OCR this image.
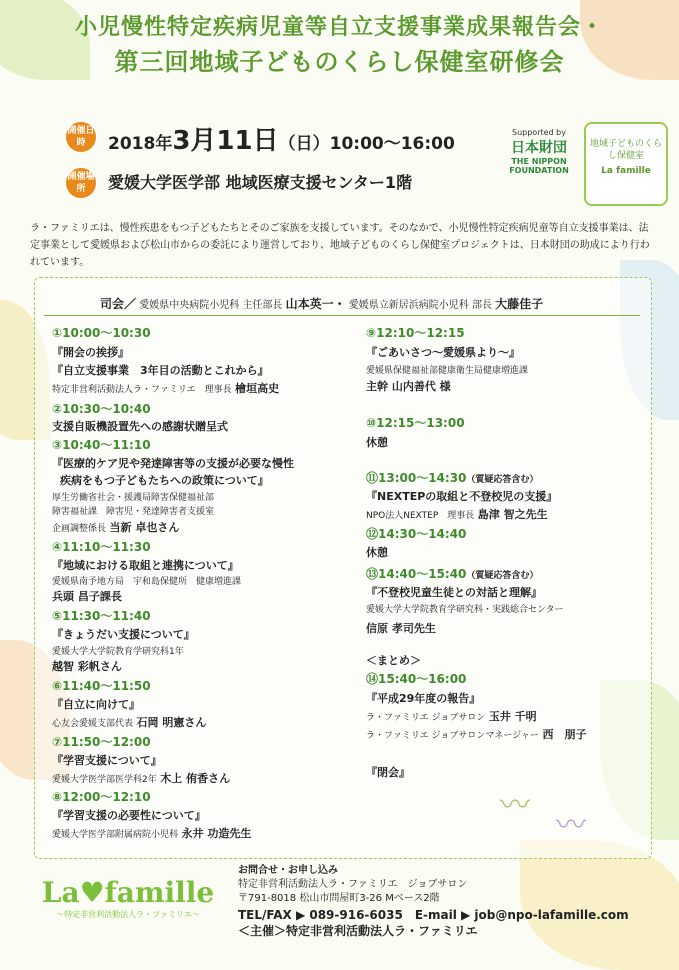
小児慢性特定疾病児童等自立支援事業成果報告会・
第三回地域子どものくらし保健室研修会
開催日時	2018年3月11日（日）10:00～16:00
開催場所	愛媛大学医学部 地域医療支援センター1階
Supported by
日本財団
THE NIPPON FOUNDATION
地域子どものくらし保健室
La famille
ラ・ファミリエは、慢性疾患をもつ子どもたちとそのご家族を支援しています。そのなかで、小児慢性特定疾病児童等自立支援事業は、法定事業として愛媛県および松山市からの委託により運営しており、地域子どものくらし保健室プロジェクトは、日本財団の助成により行われています。
司会／ 愛媛県中央病院小児科 主任部長 山本英一・ 愛媛県立新居浜病院小児科 部長 大藤佳子
①10:00～10:30
『開会の挨拶』
『自立支援事業　3年目の活動とこれから』
特定非営利活動法人ラ・ファミリエ　理事長 檜垣高史
②10:30～10:40
支援自販機設置先への感謝状贈呈式
③10:40～11:10
『医療的ケア児や発達障害等の支援が必要な慢性
疾病をもつ子どもたちへの政策について』
厚生労働省社会・援護局障害保健福祉部
障害福祉課　障害児・発達障害者支援室
企画調整係長 当新 卓也さん
④11:10～11:30
『地域における取組と連携について』
愛媛県南予地方局　宇和島保健所　健康増進課
兵頭 昌子課長
⑤11:30～11:40
『きょうだい支援について』
愛媛大学大学院教育学研究科1年
越智 彩帆さん
⑥11:40～11:50
『自立に向けて』
心友会愛媛支部代表 石岡 明憲さん
⑦11:50～12:00
『学習支援について』
愛媛大学医学部医学科2年 木上 侑香さん
⑧12:00～12:10
『学習支援の必要性について』
愛媛大学医学部附属病院小児科 永井 功造先生
⑨12:10～12:15
『ごあいさつ～愛媛県より～』
愛媛県保健福祉部健康衛生局健康増進課
主幹 山内善代 様
⑩12:15～13:00
休憩
⑪13:00～14:30（質疑応答含む）
『NEXTEPの取組と不登校児の支援』
NPO法人NEXTEP　理事長 島津 智之先生
⑫14:30～14:40
休憩
⑬14:40～15:40（質疑応答含む）
『不登校児童生徒との対話と理解』
愛媛大学大学院教育学研究科・実践総合センター
信原 孝司先生
＜まとめ＞
⑭15:40～16:00
『平成29年度の報告』
ラ・ファミリエ ジョブサロン 玉井 千明
ラ・ファミリエ ジョブサロンマネージャー 西　朋子
『閉会』
〰
〰
La♥famille
～特定非営利活動法人ラ・ファミリエ～
お問合せ・お申し込み
特定非営利活動法人ラ・ファミリエ　ジョブサロン
〒791-8018 松山市問屋町3-26 Mベース2階
TEL/FAX ▶ 089-916-6035　E-mail ▶ job@npo-lafamille.com
＜主催＞特定非営利活動法人ラ・ファミリエ
